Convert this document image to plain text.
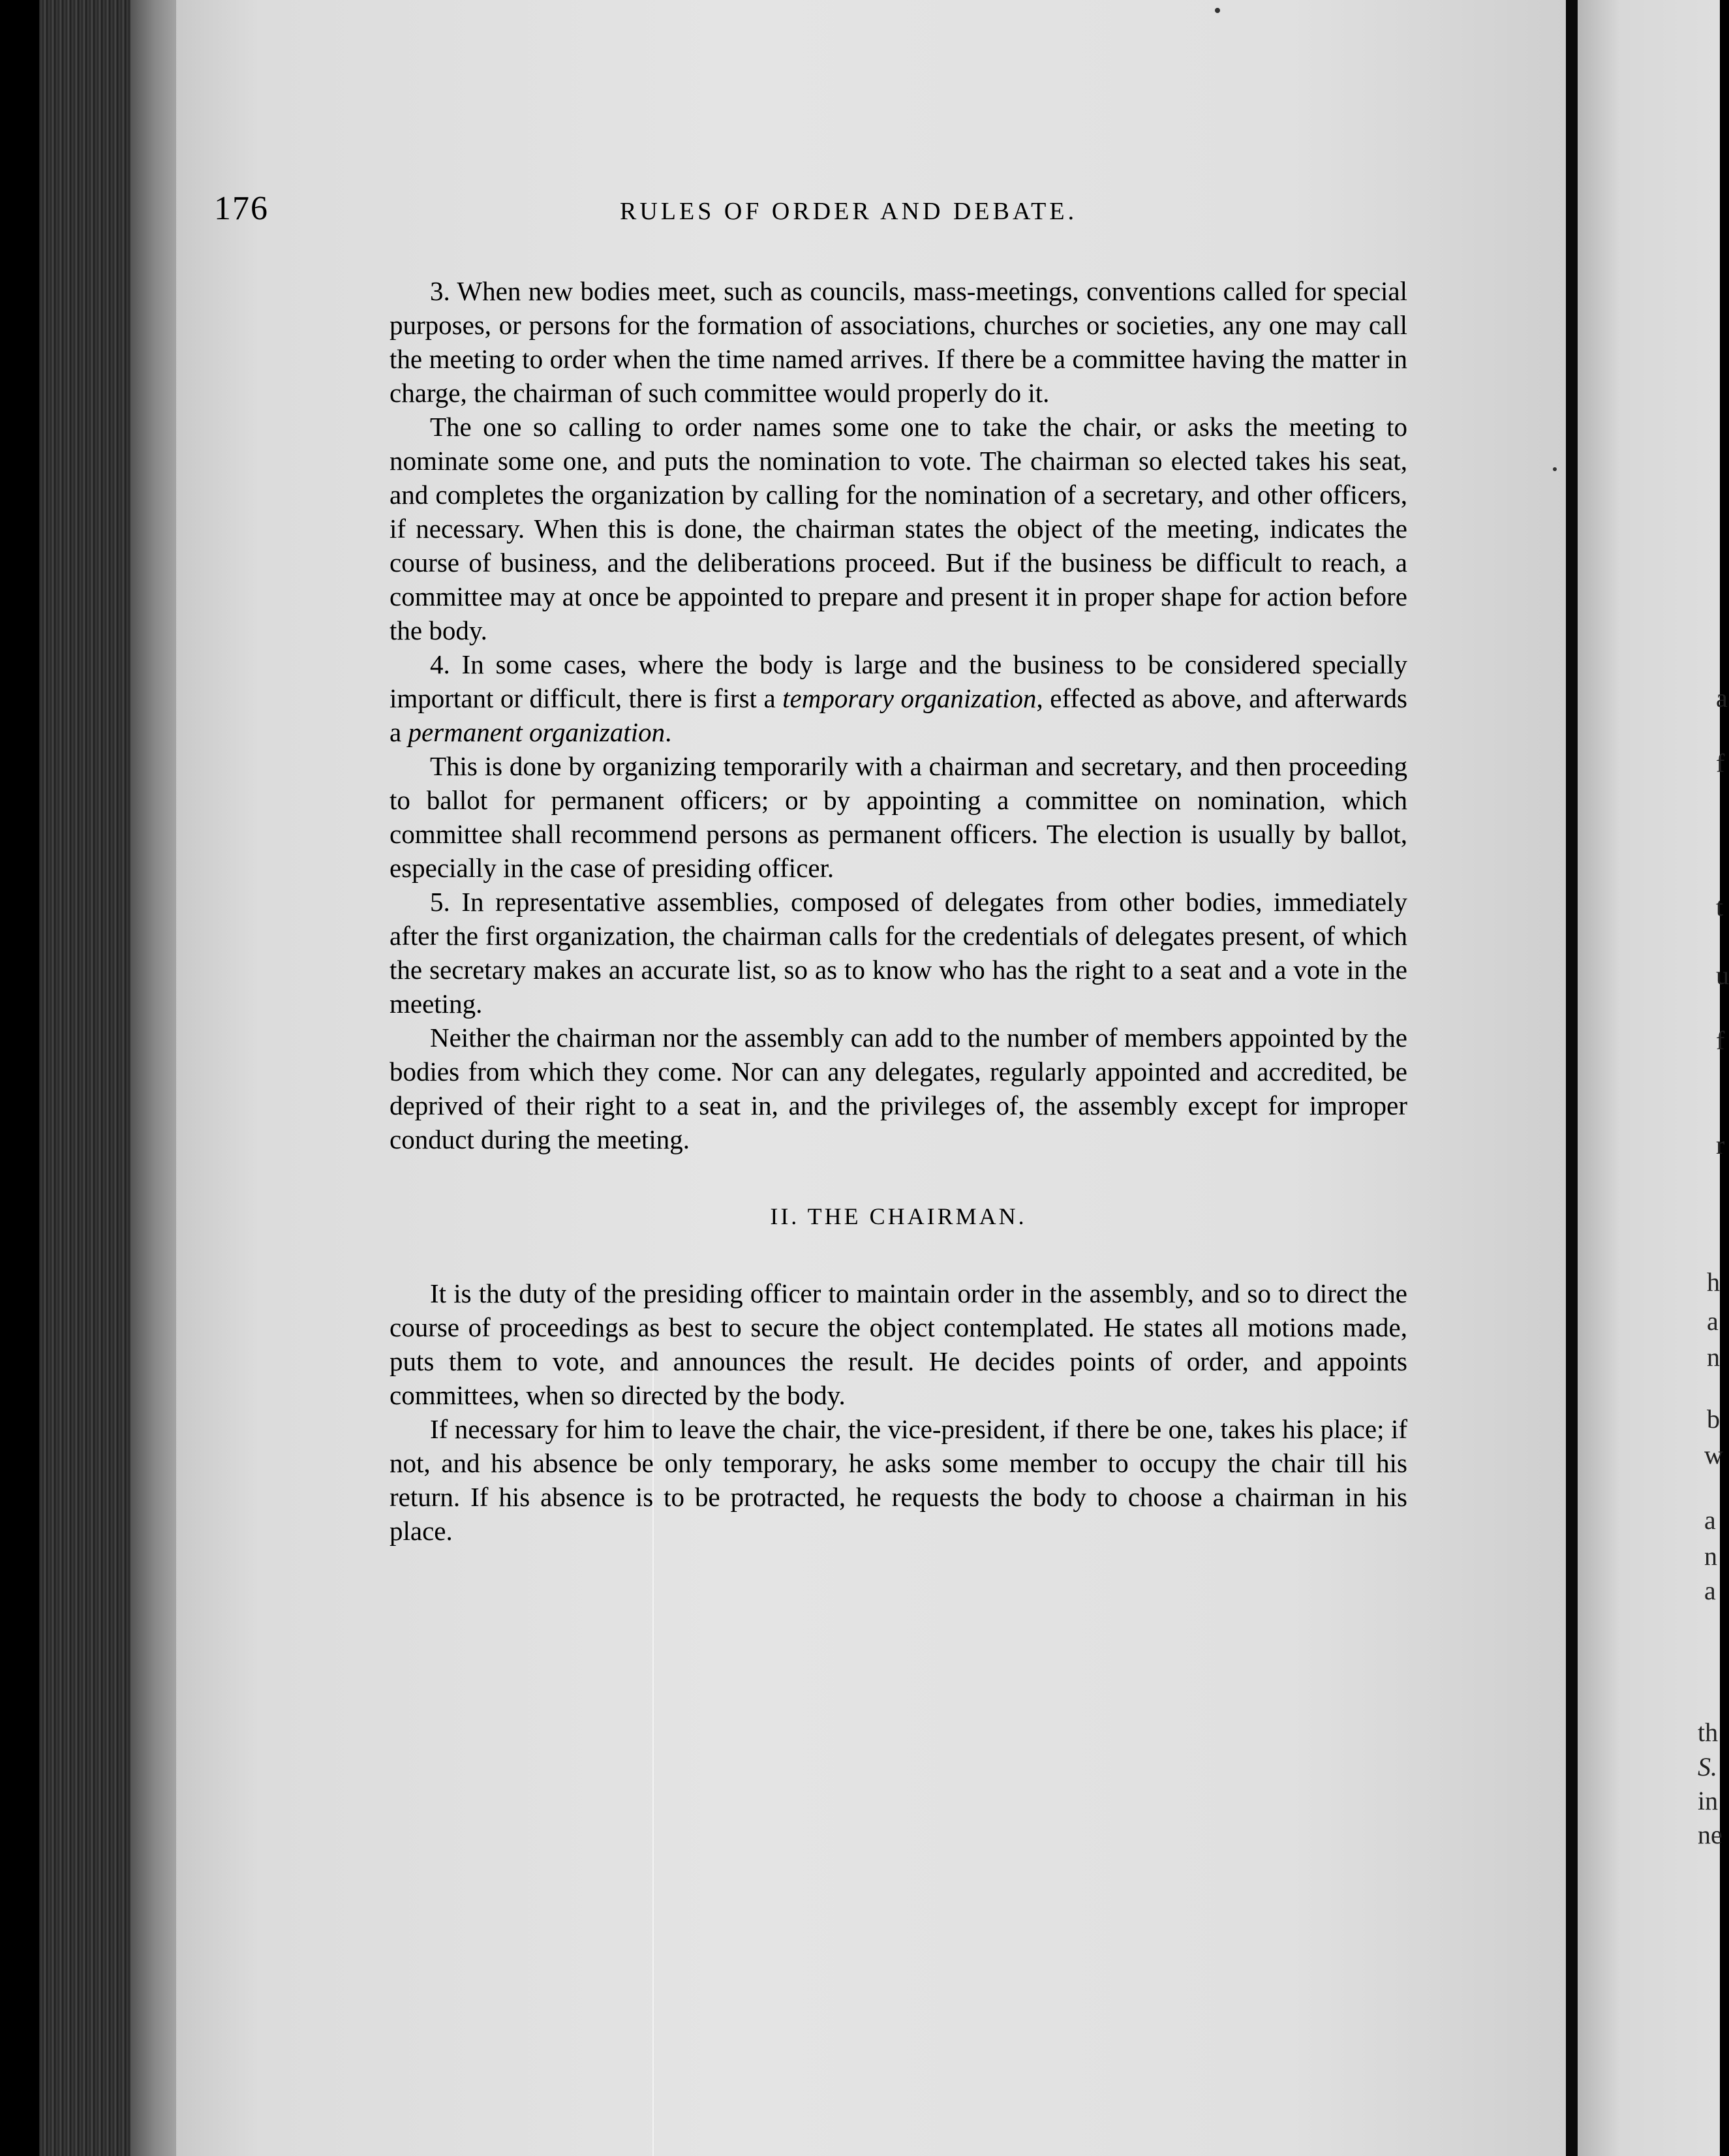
a
f
t
u
f
r
h
a
n
b
w
a
n
a
th
S.
in
ne
176	RULES OF ORDER AND DEBATE.

3. When new bodies meet, such as councils, mass-meetings, conventions called for special purposes, or persons for the formation of associations, churches or societies, any one may call the meeting to order when the time named arrives. If there be a committee having the matter in charge, the chairman of such committee would properly do it.

The one so calling to order names some one to take the chair, or asks the meeting to nominate some one, and puts the nomination to vote. The chairman so elected takes his seat, and completes the organization by calling for the nomination of a secretary, and other officers, if necessary. When this is done, the chairman states the object of the meeting, indicates the course of business, and the deliberations proceed. But if the business be difficult to reach, a committee may at once be appointed to prepare and present it in proper shape for action before the body.

4. In some cases, where the body is large and the business to be considered specially important or difficult, there is first a temporary organization, effected as above, and afterwards a permanent organization.

This is done by organizing temporarily with a chairman and secretary, and then proceeding to ballot for permanent officers; or by appointing a committee on nomination, which committee shall recommend persons as permanent officers. The election is usually by ballot, especially in the case of presiding officer.

5. In representative assemblies, composed of delegates from other bodies, immediately after the first organization, the chairman calls for the credentials of delegates present, of which the secretary makes an accurate list, so as to know who has the right to a seat and a vote in the meeting.

Neither the chairman nor the assembly can add to the number of members appointed by the bodies from which they come. Nor can any delegates, regularly appointed and accredited, be deprived of their right to a seat in, and the privileges of, the assembly except for improper conduct during the meeting.

II. THE CHAIRMAN.

It is the duty of the presiding officer to maintain order in the assembly, and so to direct the course of proceedings as best to secure the object contemplated. He states all motions made, puts them to vote, and announces the result. He decides points of order, and appoints committees, when so directed by the body.

If necessary for him to leave the chair, the vice-president, if there be one, takes his place; if not, and his absence be only temporary, he asks some member to occupy the chair till his return. If his absence is to be protracted, he requests the body to choose a chairman in his place.
